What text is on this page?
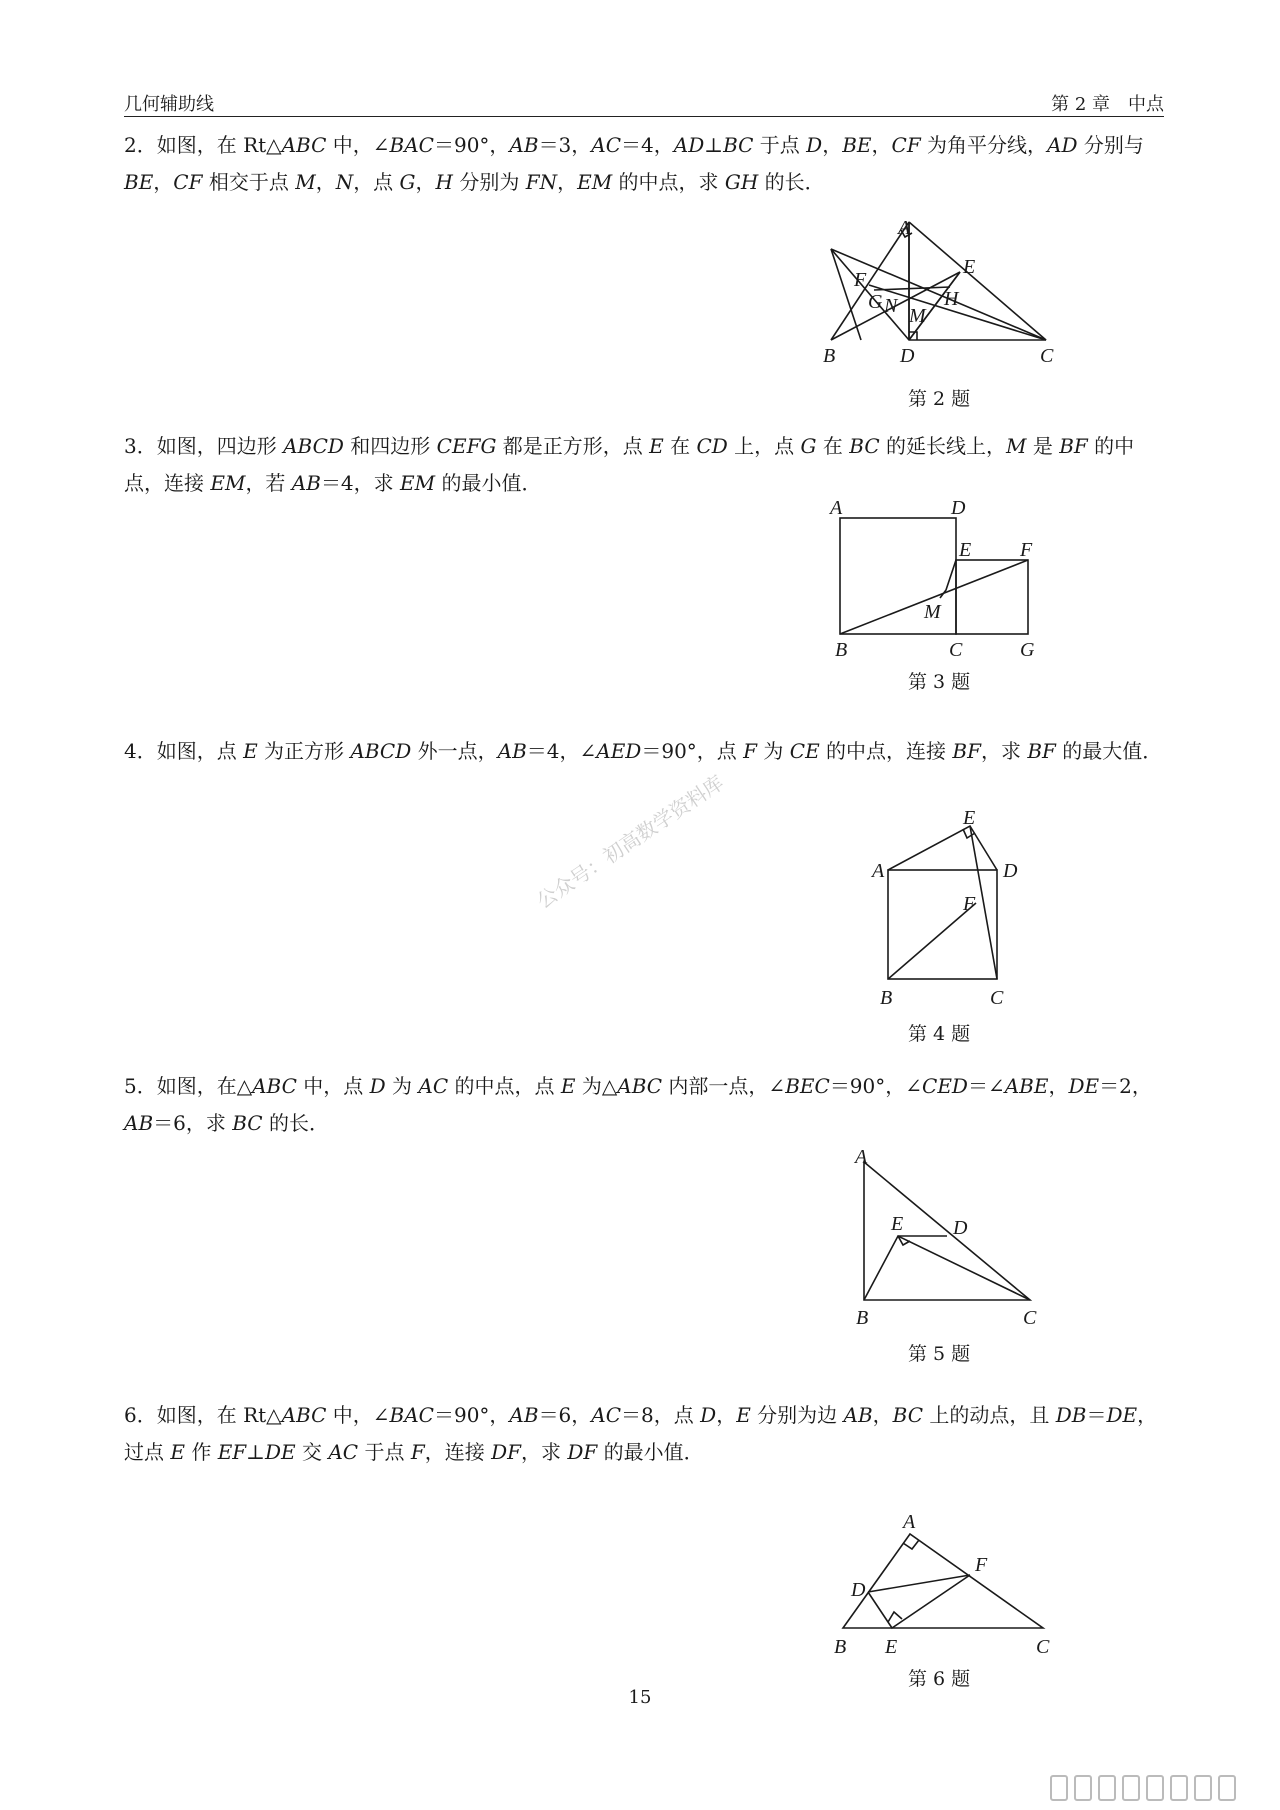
几何辅助线	第 2 章　中点
2．如图，在 Rt△ABC 中，∠BAC＝90°，AB＝3，AC＝4，AD⊥BC 于点 D，BE，CF 为角平分线，AD 分别与 BE，CF 相交于点 M，N，点 G，H 分别为 FN，EM 的中点，求 GH 的长．
3．如图，四边形 ABCD 和四边形 CEFG 都是正方形，点 E 在 CD 上，点 G 在 BC 的延长线上，M 是 BF 的中点，连接 EM，若 AB＝4，求 EM 的最小值．
4．如图，点 E 为正方形 ABCD 外一点，AB＝4，∠AED＝90°，点 F 为 CE 的中点，连接 BF，求 BF 的最大值．
5．如图，在△ABC 中，点 D 为 AC 的中点，点 E 为△ABC 内部一点，∠BEC＝90°，∠CED＝∠ABE，DE＝2，AB＝6，求 BC 的长．
6．如图，在 Rt△ABC 中，∠BAC＝90°，AB＝6，AC＝8，点 D，E 分别为边 AB，BC 上的动点，且 DB＝DE，过点 E 作 EF⊥DE 交 AC 于点 F，连接 DF，求 DF 的最小值．
A
B	C
D
E
F
G N H
M
第 2 题
A	D
E F
M
B	C	G
第 3 题
E
A	D
F
B	C
第 4 题
A
E D
B	C
第 5 题
A
F
D
B E	C
第 6 题
15
公众号：初高数学资料库
